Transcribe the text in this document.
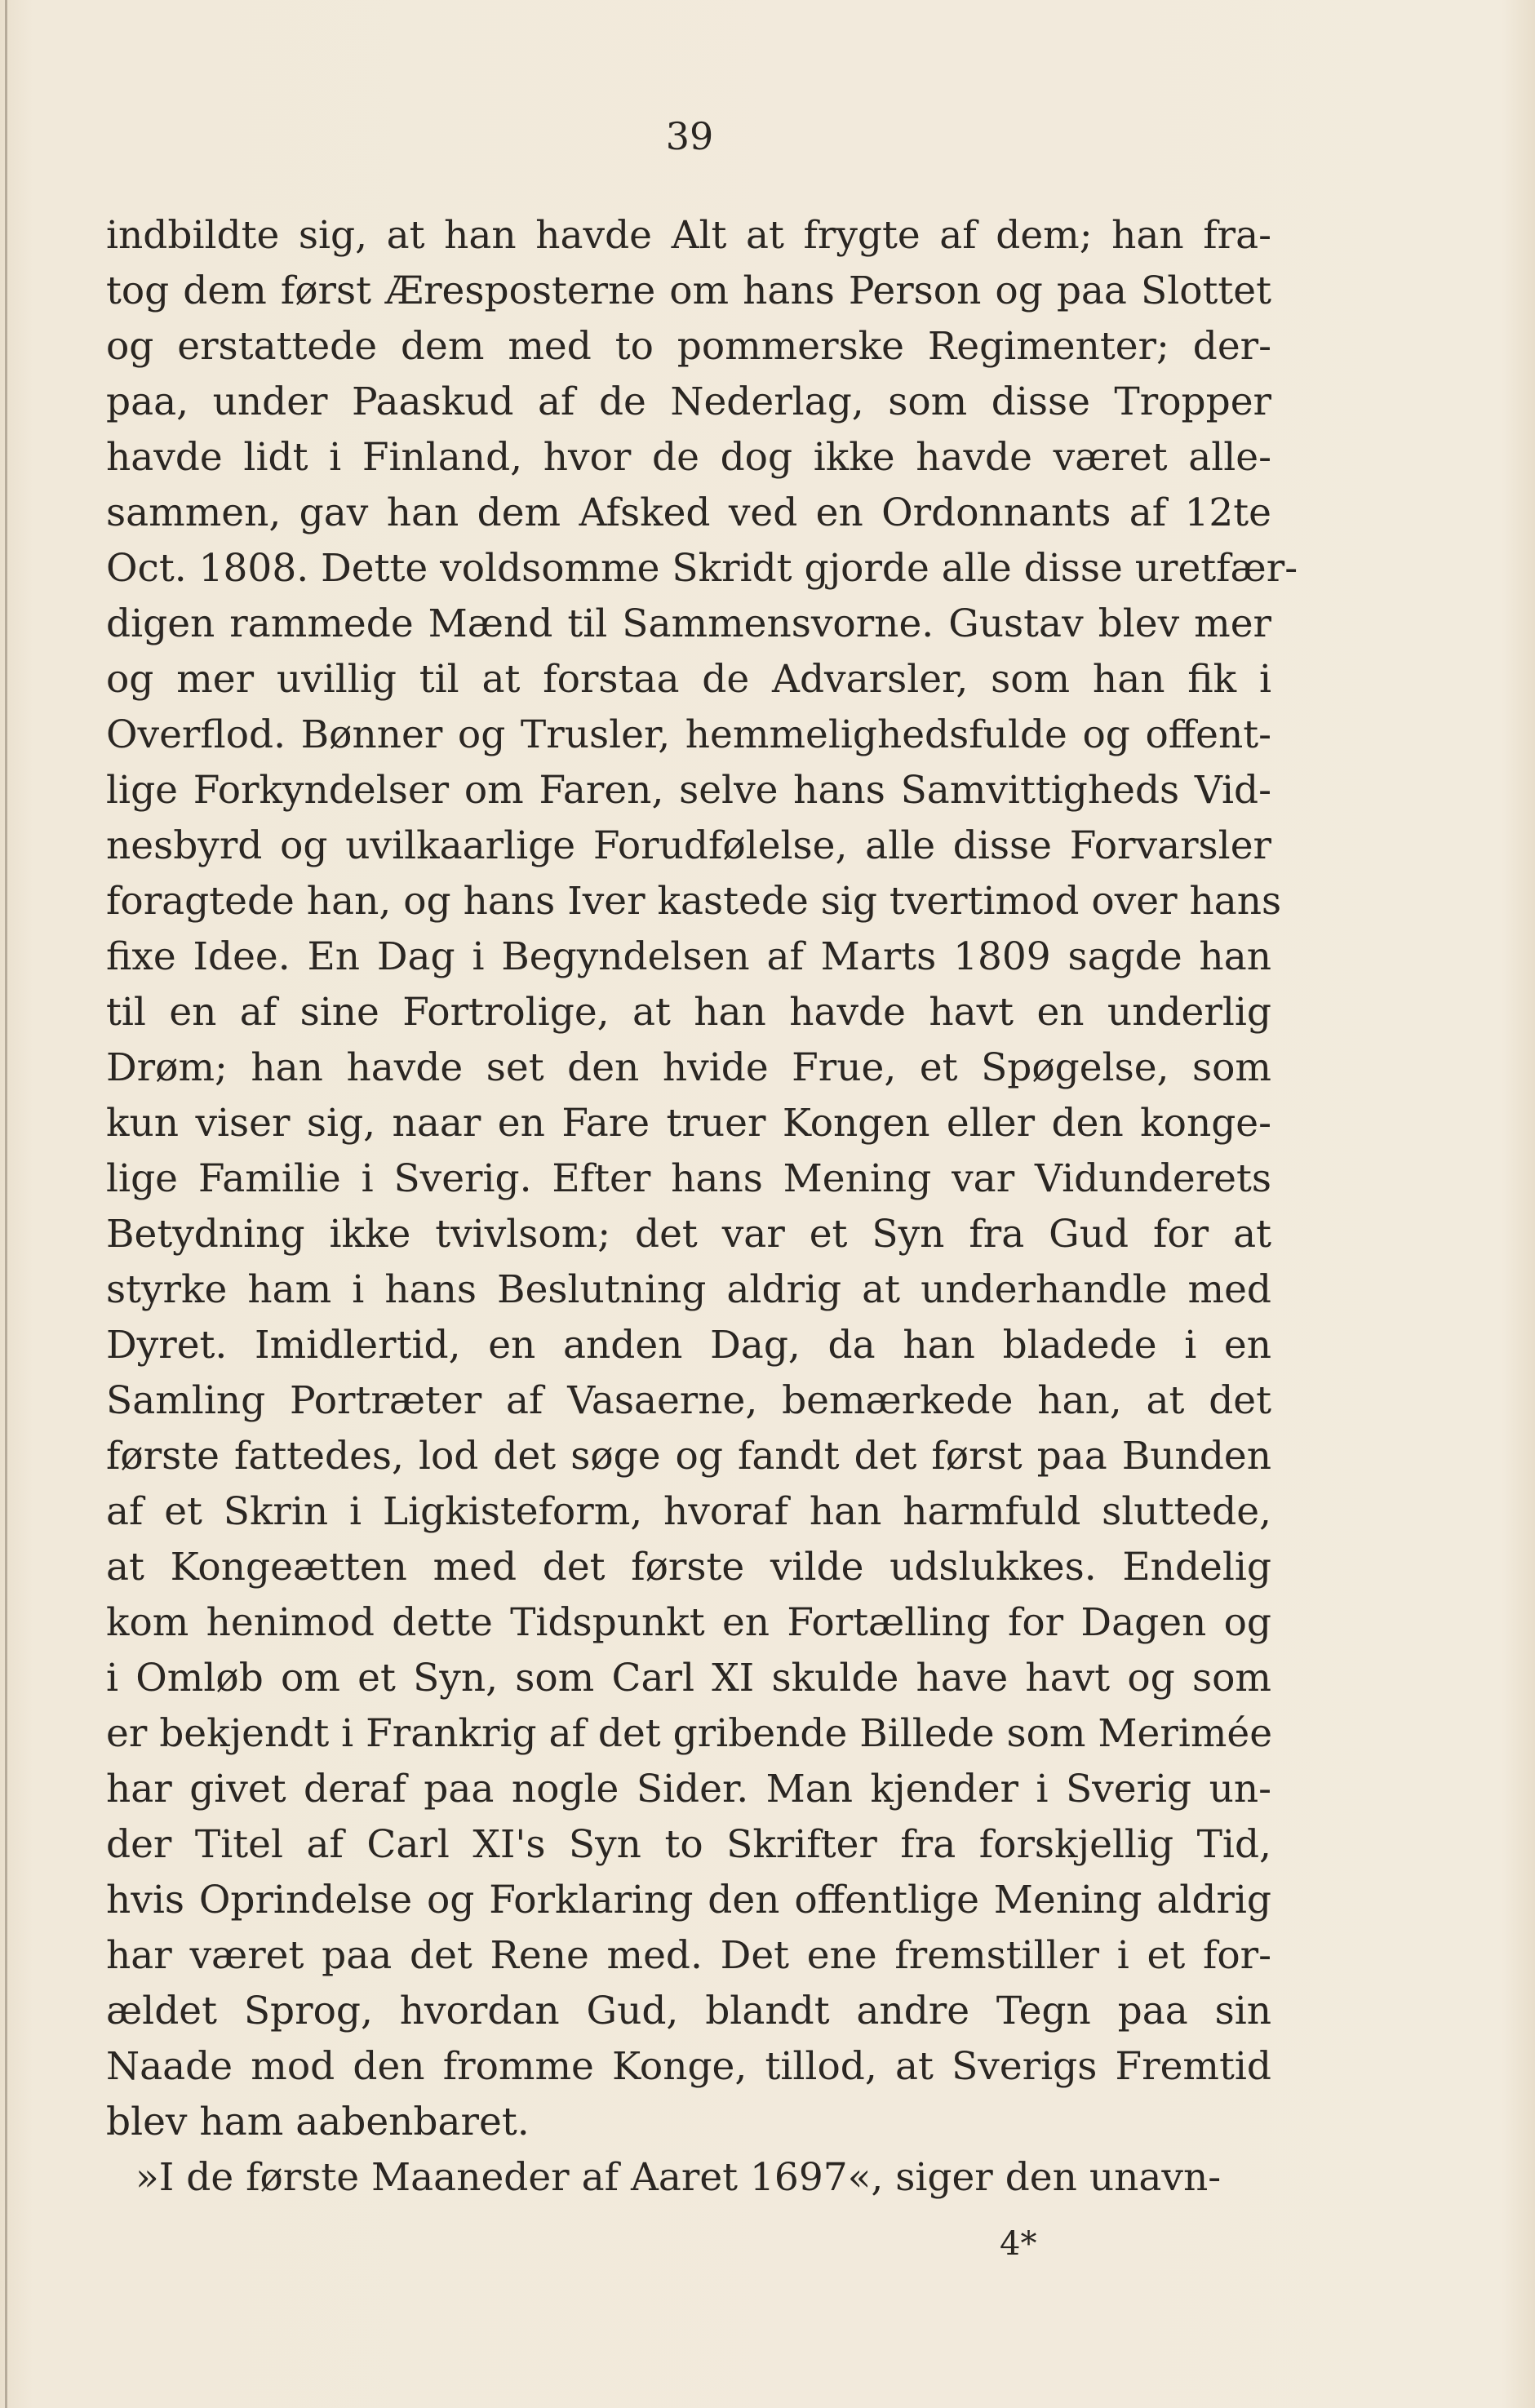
39
indbildte sig, at han havde Alt at frygte af dem; han fra-
tog dem først Æresposterne om hans Person og paa Slottet
og erstattede dem med to pommerske Regimenter; der-
paa, under Paaskud af de Nederlag, som disse Tropper
havde lidt i Finland, hvor de dog ikke havde været alle-
sammen, gav han dem Afsked ved en Ordonnants af 12te
Oct. 1808. Dette voldsomme Skridt gjorde alle disse uretfær-
digen rammede Mænd til Sammensvorne. Gustav blev mer
og mer uvillig til at forstaa de Advarsler, som han fik i
Overflod. Bønner og Trusler, hemmelighedsfulde og offent-
lige Forkyndelser om Faren, selve hans Samvittigheds Vid-
nesbyrd og uvilkaarlige Forudfølelse, alle disse Forvarsler
foragtede han, og hans Iver kastede sig tvertimod over hans
fixe Idee. En Dag i Begyndelsen af Marts 1809 sagde han
til en af sine Fortrolige, at han havde havt en underlig
Drøm; han havde set den hvide Frue, et Spøgelse, som
kun viser sig, naar en Fare truer Kongen eller den konge-
lige Familie i Sverig. Efter hans Mening var Vidunderets
Betydning ikke tvivlsom; det var et Syn fra Gud for at
styrke ham i hans Beslutning aldrig at underhandle med
Dyret. Imidlertid, en anden Dag, da han bladede i en
Samling Portræter af Vasaerne, bemærkede han, at det
første fattedes, lod det søge og fandt det først paa Bunden
af et Skrin i Ligkisteform, hvoraf han harmfuld sluttede,
at Kongeætten med det første vilde udslukkes. Endelig
kom henimod dette Tidspunkt en Fortælling for Dagen og
i Omløb om et Syn, som Carl XI skulde have havt og som
er bekjendt i Frankrig af det gribende Billede som Merimée
har givet deraf paa nogle Sider. Man kjender i Sverig un-
der Titel af Carl XI's Syn to Skrifter fra forskjellig Tid,
hvis Oprindelse og Forklaring den offentlige Mening aldrig
har været paa det Rene med. Det ene fremstiller i et for-
ældet Sprog, hvordan Gud, blandt andre Tegn paa sin
Naade mod den fromme Konge, tillod, at Sverigs Fremtid
blev ham aabenbaret.
»I de første Maaneder af Aaret 1697«, siger den unavn-
4*
